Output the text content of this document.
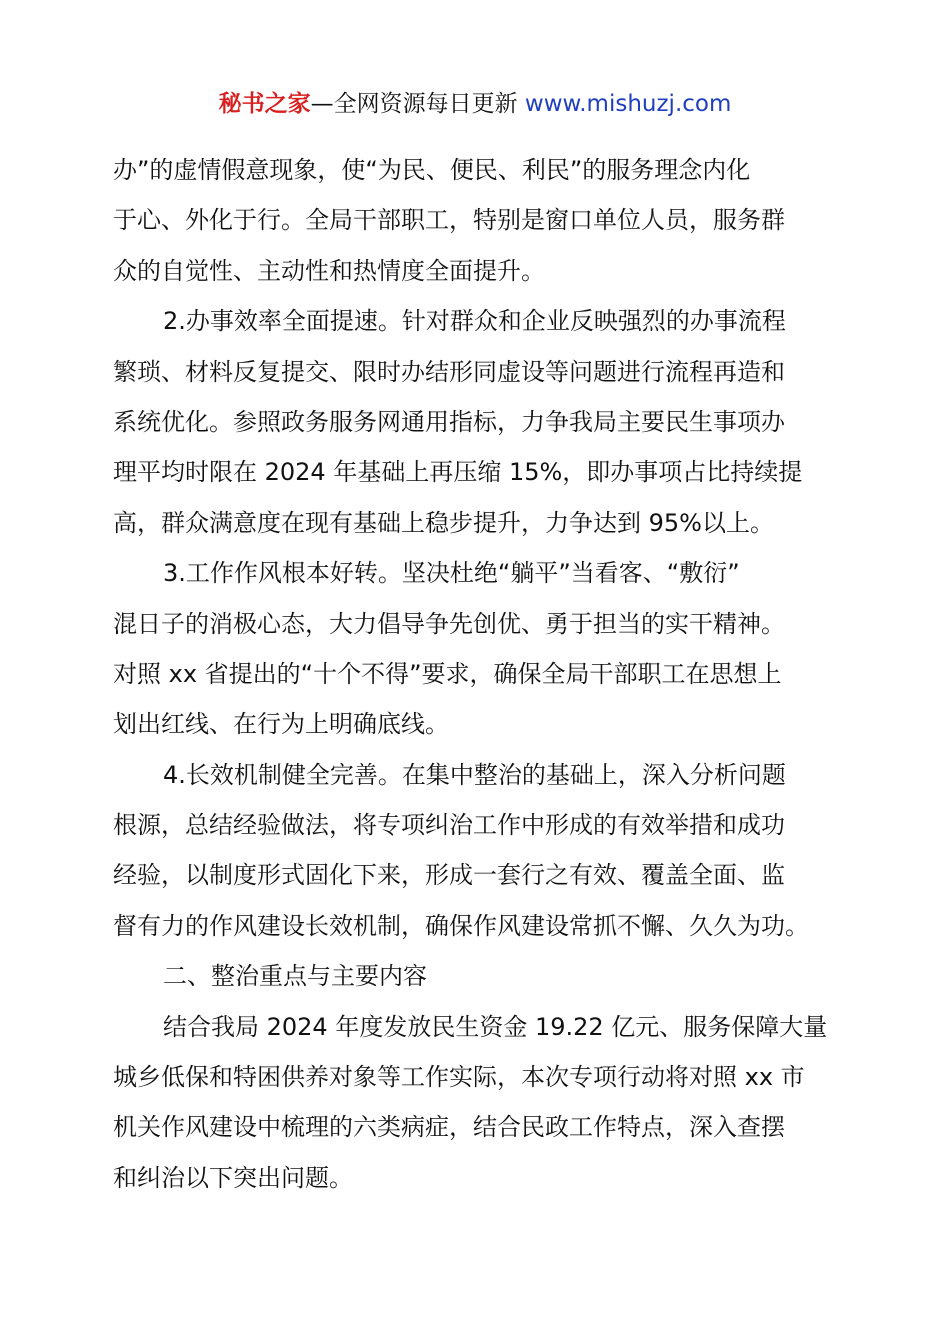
秘书之家—全网资源每日更新 www.mishuzj.com
办”的虚情假意现象，使“为民、便民、利民”的服务理念内化
于心、外化于行。全局干部职工，特别是窗口单位人员，服务群
众的自觉性、主动性和热情度全面提升。
2.办事效率全面提速。针对群众和企业反映强烈的办事流程
繁琐、材料反复提交、限时办结形同虚设等问题进行流程再造和
系统优化。参照政务服务网通用指标，力争我局主要民生事项办
理平均时限在 2024 年基础上再压缩 15%，即办事项占比持续提
高，群众满意度在现有基础上稳步提升，力争达到 95%以上。
3.工作作风根本好转。坚决杜绝“躺平”当看客、“敷衍”
混日子的消极心态，大力倡导争先创优、勇于担当的实干精神。
对照 xx 省提出的“十个不得”要求，确保全局干部职工在思想上
划出红线、在行为上明确底线。
4.长效机制健全完善。在集中整治的基础上，深入分析问题
根源，总结经验做法，将专项纠治工作中形成的有效举措和成功
经验，以制度形式固化下来，形成一套行之有效、覆盖全面、监
督有力的作风建设长效机制，确保作风建设常抓不懈、久久为功。
二、整治重点与主要内容
结合我局 2024 年度发放民生资金 19.22 亿元、服务保障大量
城乡低保和特困供养对象等工作实际，本次专项行动将对照 xx 市
机关作风建设中梳理的六类病症，结合民政工作特点，深入查摆
和纠治以下突出问题。
